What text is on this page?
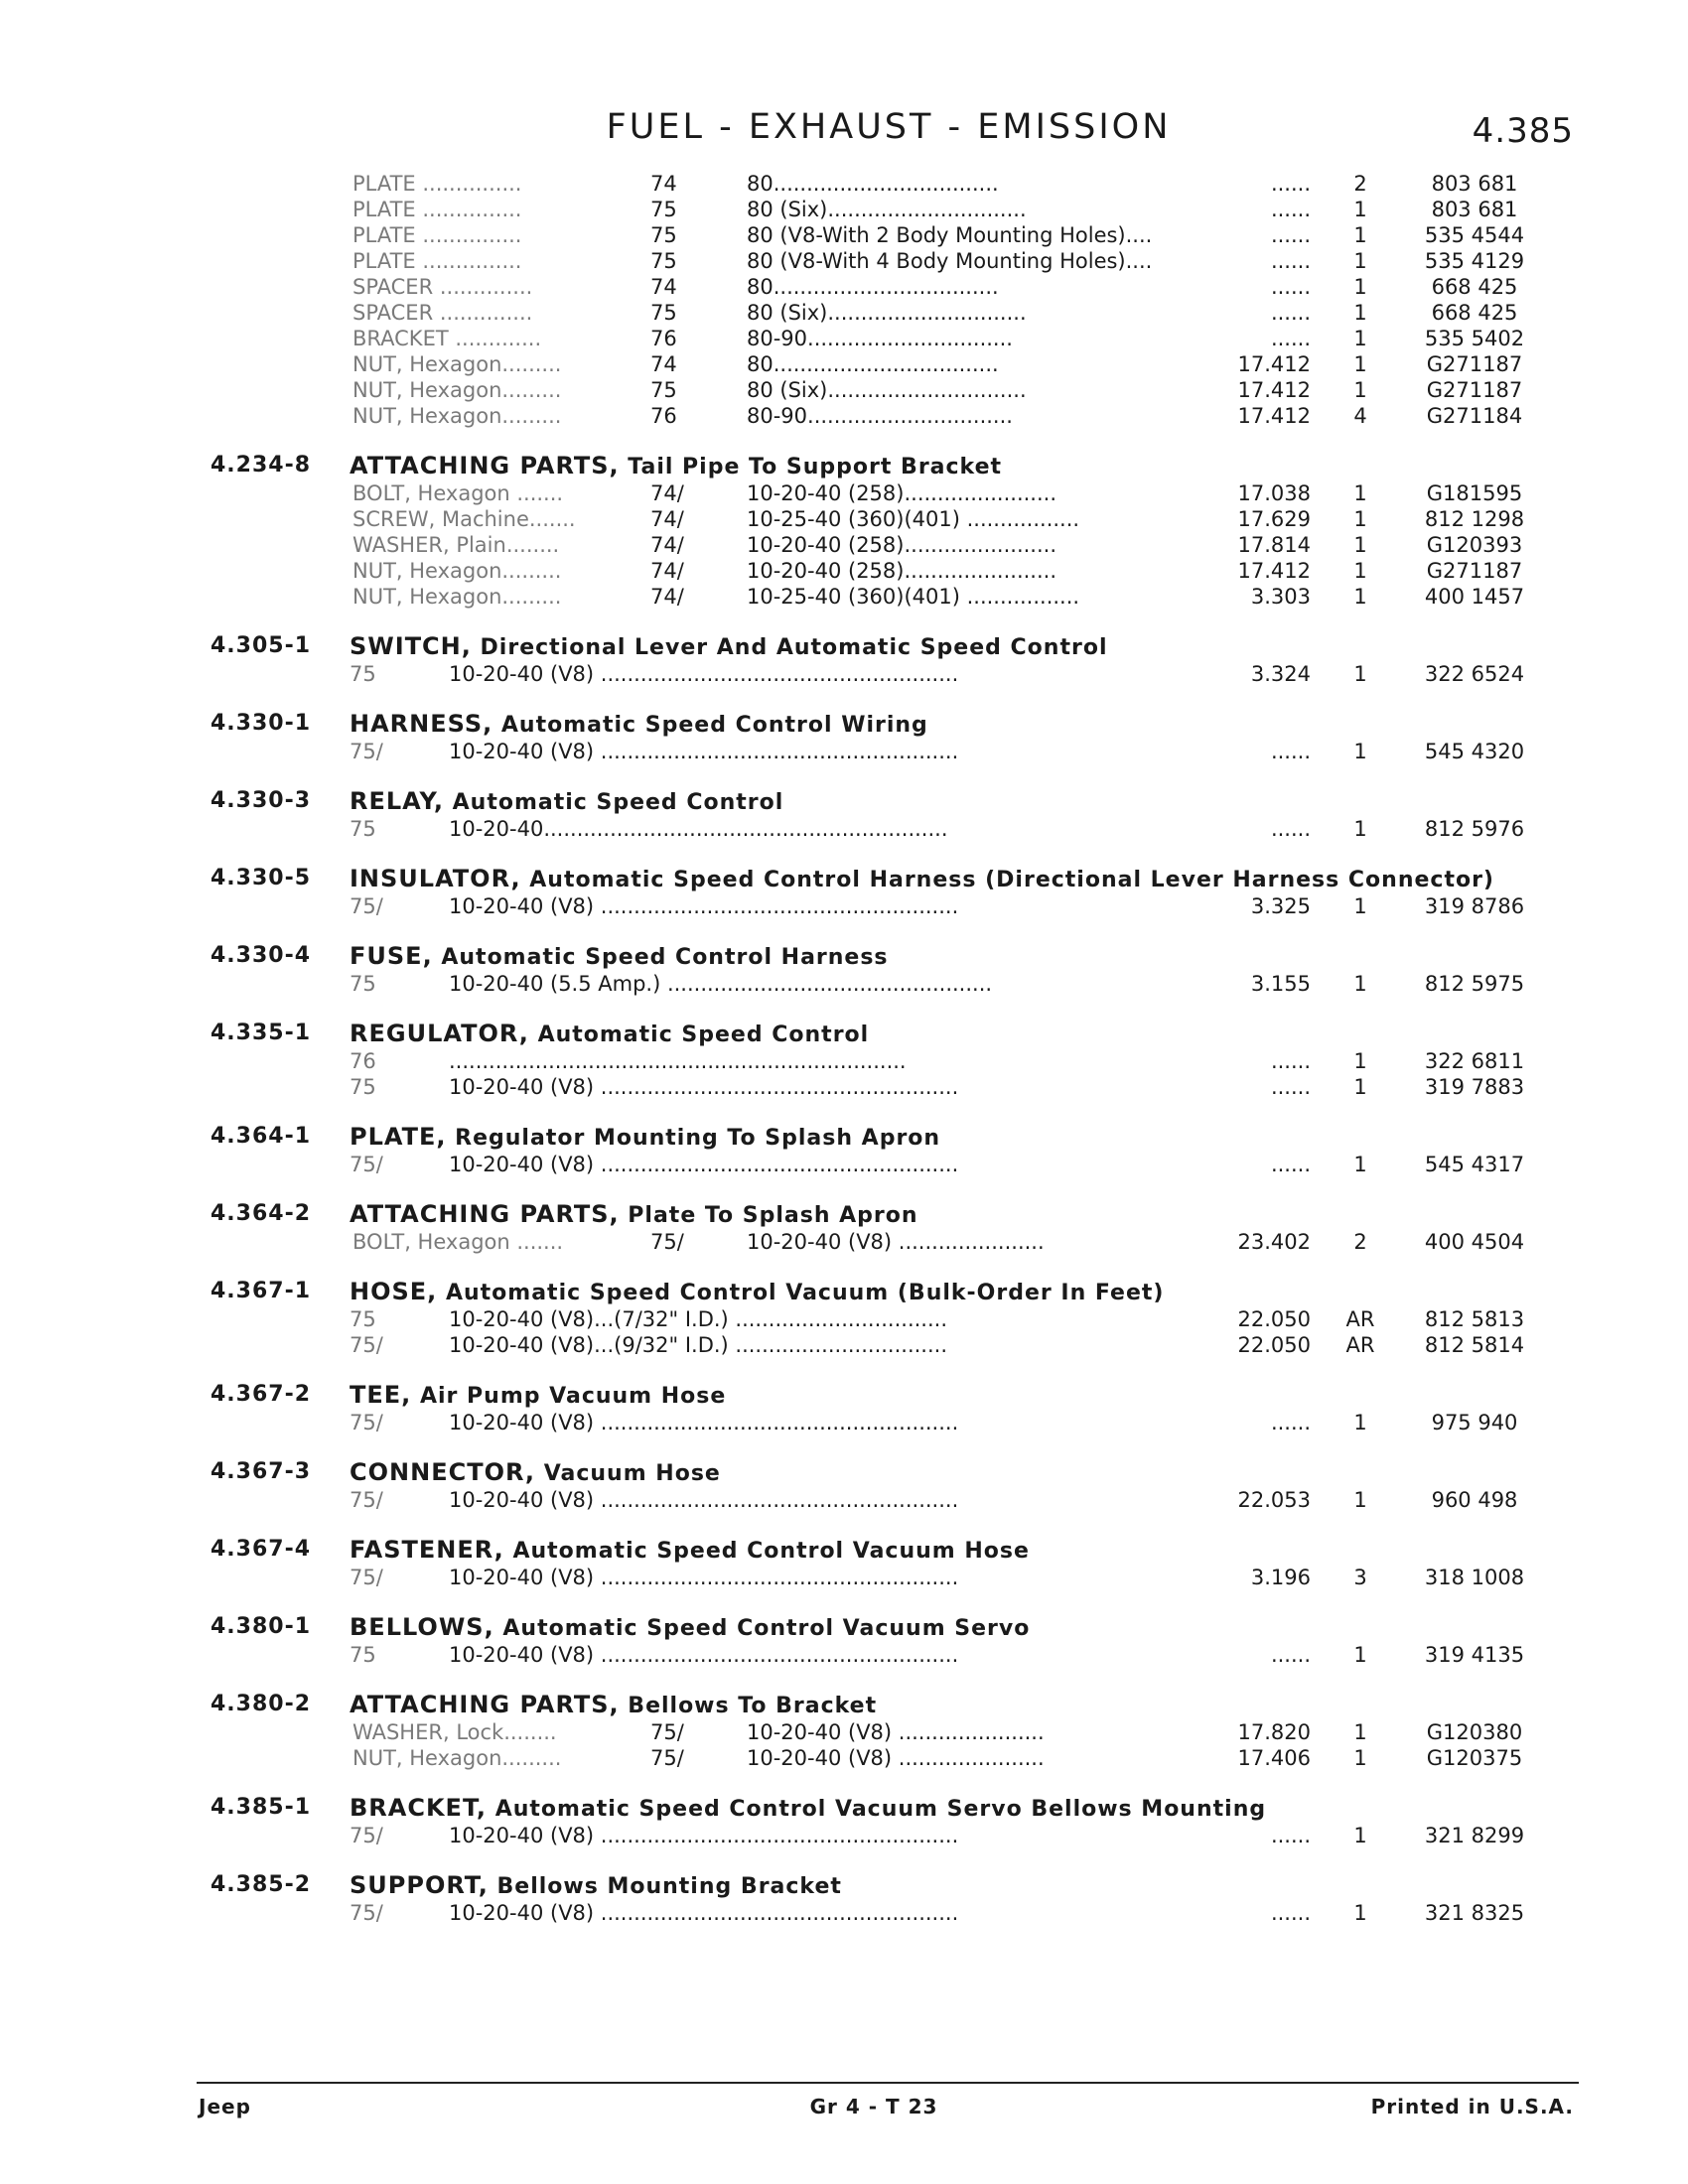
FUEL - EXHAUST - EMISSION	4.385
PLATE ...............	74	80..................................	......	2	803 681
PLATE ...............	75	80 (Six)..............................	......	1	803 681
PLATE ...............	75	80 (V8-With 2 Body Mounting Holes)....	......	1	535 4544
PLATE ...............	75	80 (V8-With 4 Body Mounting Holes)....	......	1	535 4129
SPACER ..............	74	80..................................	......	1	668 425
SPACER ..............	75	80 (Six)..............................	......	1	668 425
BRACKET .............	76	80-90...............................	......	1	535 5402
NUT, Hexagon.........	74	80..................................	17.412	1	G271187
NUT, Hexagon.........	75	80 (Six)..............................	17.412	1	G271187
NUT, Hexagon.........	76	80-90...............................	17.412	4	G271184
4.234-8 ATTACHING PARTS, Tail Pipe To Support Bracket
BOLT, Hexagon .......	74/	10-20-40 (258).......................	17.038	1	G181595
SCREW, Machine.......	74/	10-25-40 (360)(401) .................	17.629	1	812 1298
WASHER, Plain........	74/	10-20-40 (258).......................	17.814	1	G120393
NUT, Hexagon.........	74/	10-20-40 (258).......................	17.412	1	G271187
NUT, Hexagon.........	74/	10-25-40 (360)(401) .................	3.303	1	400 1457
4.305-1 SWITCH, Directional Lever And Automatic Speed Control
75	10-20-40 (V8) ......................................................	3.324	1	322 6524
4.330-1 HARNESS, Automatic Speed Control Wiring
75/	10-20-40 (V8) ......................................................	......	1	545 4320
4.330-3 RELAY, Automatic Speed Control
75	10-20-40.............................................................	......	1	812 5976
4.330-5 INSULATOR, Automatic Speed Control Harness (Directional Lever Harness Connector)
75/	10-20-40 (V8) ......................................................	3.325	1	319 8786
4.330-4 FUSE, Automatic Speed Control Harness
75	10-20-40 (5.5 Amp.) .................................................	3.155	1	812 5975
4.335-1 REGULATOR, Automatic Speed Control
76	.....................................................................	......	1	322 6811
75	10-20-40 (V8) ......................................................	......	1	319 7883
4.364-1 PLATE, Regulator Mounting To Splash Apron
75/	10-20-40 (V8) ......................................................	......	1	545 4317
4.364-2 ATTACHING PARTS, Plate To Splash Apron
BOLT, Hexagon .......	75/	10-20-40 (V8) ......................	23.402	2	400 4504
4.367-1 HOSE, Automatic Speed Control Vacuum (Bulk-Order In Feet)
75	10-20-40 (V8)...(7/32" I.D.) ................................	22.050	AR	812 5813
75/	10-20-40 (V8)...(9/32" I.D.) ................................	22.050	AR	812 5814
4.367-2 TEE, Air Pump Vacuum Hose
75/	10-20-40 (V8) ......................................................	......	1	975 940
4.367-3 CONNECTOR, Vacuum Hose
75/	10-20-40 (V8) ......................................................	22.053	1	960 498
4.367-4 FASTENER, Automatic Speed Control Vacuum Hose
75/	10-20-40 (V8) ......................................................	3.196	3	318 1008
4.380-1 BELLOWS, Automatic Speed Control Vacuum Servo
75	10-20-40 (V8) ......................................................	......	1	319 4135
4.380-2 ATTACHING PARTS, Bellows To Bracket
WASHER, Lock........	75/	10-20-40 (V8) ......................	17.820	1	G120380
NUT, Hexagon.........	75/	10-20-40 (V8) ......................	17.406	1	G120375
4.385-1 BRACKET, Automatic Speed Control Vacuum Servo Bellows Mounting
75/	10-20-40 (V8) ......................................................	......	1	321 8299
4.385-2 SUPPORT, Bellows Mounting Bracket
75/	10-20-40 (V8) ......................................................	......	1	321 8325
Jeep	Gr 4 - T 23	Printed in U.S.A.
